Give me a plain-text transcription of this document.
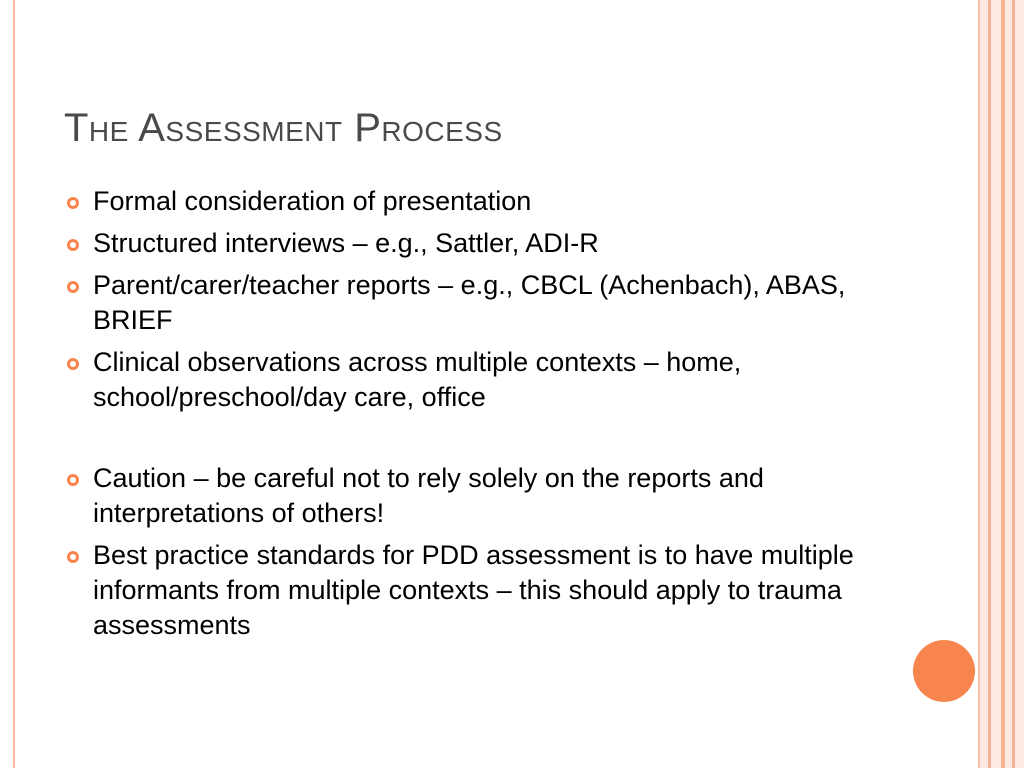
The Assessment Process
Formal consideration of presentation
Structured interviews – e.g., Sattler, ADI-R
Parent/carer/teacher reports – e.g., CBCL (Achenbach), ABAS, BRIEF
Clinical observations across multiple contexts – home, school/preschool/day care, office
Caution – be careful not to rely solely on the reports and interpretations of others!
Best practice standards for PDD assessment is to have multiple informants from multiple contexts – this should apply to trauma assessments
